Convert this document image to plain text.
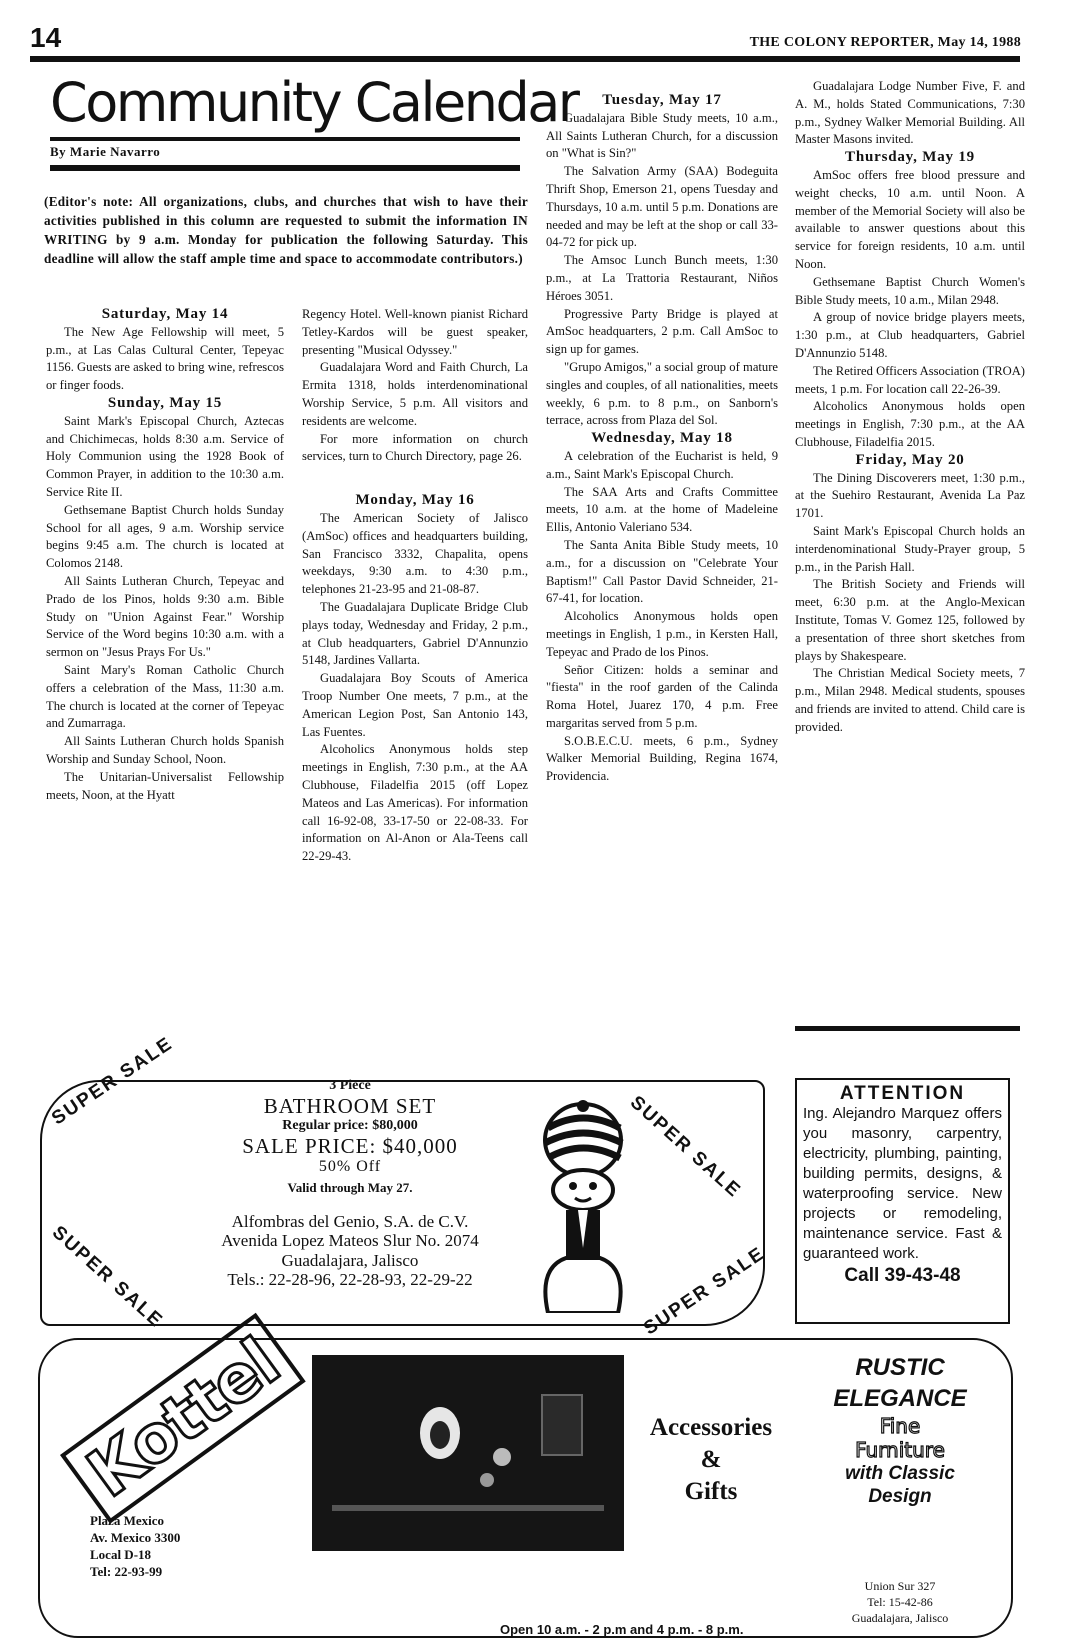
14	THE COLONY REPORTER, May 14, 1988
Community Calendar
By Marie Navarro
(Editor's note: All organizations, clubs, and churches that wish to have their activities published in this column are requested to submit the information IN WRITING by 9 a.m. Monday for publication the following Saturday. This deadline will allow the staff ample time and space to accommodate contributors.)

Saturday, May 14

The New Age Fellowship will meet, 5 p.m., at Las Calas Cultural Center, Tepeyac 1156. Guests are asked to bring wine, refrescos or finger foods.

Sunday, May 15

Saint Mark's Episcopal Church, Aztecas and Chichimecas, holds 8:30 a.m. Service of Holy Communion using the 1928 Book of Common Prayer, in addition to the 10:30 a.m. Service Rite II.

Gethsemane Baptist Church holds Sunday School for all ages, 9 a.m. Worship service begins 9:45 a.m. The church is located at Colomos 2148.

All Saints Lutheran Church, Tepeyac and Prado de los Pinos, holds 9:30 a.m. Bible Study on "Union Against Fear." Worship Service of the Word begins 10:30 a.m. with a sermon on "Jesus Prays For Us."

Saint Mary's Roman Catholic Church offers a celebration of the Mass, 11:30 a.m. The church is located at the corner of Tepeyac and Zumarraga.

All Saints Lutheran Church holds Spanish Worship and Sunday School, Noon.

The Unitarian-Universalist Fellowship meets, Noon, at the Hyatt

Regency Hotel. Well-known pianist Richard Tetley-Kardos will be guest speaker, presenting "Musical Odyssey."

Guadalajara Word and Faith Church, La Ermita 1318, holds interdenominational Worship Service, 5 p.m. All visitors and residents are welcome.

For more information on church services, turn to Church Directory, page 26.

Monday, May 16

The American Society of Jalisco (AmSoc) offices and headquarters building, San Francisco 3332, Chapalita, opens weekdays, 9:30 a.m. to 4:30 p.m., telephones 21-23-95 and 21-08-87.

The Guadalajara Duplicate Bridge Club plays today, Wednesday and Friday, 2 p.m., at Club headquarters, Gabriel D'Annunzio 5148, Jardines Vallarta.

Guadalajara Boy Scouts of America Troop Number One meets, 7 p.m., at the American Legion Post, San Antonio 143, Las Fuentes.

Alcoholics Anonymous holds step meetings in English, 7:30 p.m., at the AA Clubhouse, Filadelfia 2015 (off Lopez Mateos and Las Americas). For information call 16-92-08, 33-17-50 or 22-08-33. For information on Al-Anon or Ala-Teens call 22-29-43.

Tuesday, May 17

Guadalajara Bible Study meets, 10 a.m., All Saints Lutheran Church, for a discussion on "What is Sin?"

The Salvation Army (SAA) Bodeguita Thrift Shop, Emerson 21, opens Tuesday and Thursdays, 10 a.m. until 5 p.m. Donations are needed and may be left at the shop or call 33-04-72 for pick up.

The Amsoc Lunch Bunch meets, 1:30 p.m., at La Trattoria Restaurant, Niños Héroes 3051.

Progressive Party Bridge is played at AmSoc headquarters, 2 p.m. Call AmSoc to sign up for games.

"Grupo Amigos," a social group of mature singles and couples, of all nationalities, meets weekly, 6 p.m. to 8 p.m., on Sanborn's terrace, across from Plaza del Sol.

Wednesday, May 18

A celebration of the Eucharist is held, 9 a.m., Saint Mark's Episcopal Church.

The SAA Arts and Crafts Committee meets, 10 a.m. at the home of Madeleine Ellis, Antonio Valeriano 534.

The Santa Anita Bible Study meets, 10 a.m., for a discussion on "Celebrate Your Baptism!" Call Pastor David Schneider, 21-67-41, for location.

Alcoholics Anonymous holds open meetings in English, 1 p.m., in Kersten Hall, Tepeyac and Prado de los Pinos.

Señor Citizen: holds a seminar and "fiesta" in the roof garden of the Calinda Roma Hotel, Juarez 170, 4 p.m. Free margaritas served from 5 p.m.

S.O.B.E.C.U. meets, 6 p.m., Sydney Walker Memorial Building, Regina 1674, Providencia.

Guadalajara Lodge Number Five, F. and A. M., holds Stated Communications, 7:30 p.m., Sydney Walker Memorial Building. All Master Masons invited.

Thursday, May 19

AmSoc offers free blood pressure and weight checks, 10 a.m. until Noon. A member of the Memorial Society will also be available to answer questions about this service for foreign residents, 10 a.m. until Noon.

Gethsemane Baptist Church Women's Bible Study meets, 10 a.m., Milan 2948.

A group of novice bridge players meets, 1:30 p.m., at Club headquarters, Gabriel D'Annunzio 5148.

The Retired Officers Association (TROA) meets, 1 p.m. For location call 22-26-39.

Alcoholics Anonymous holds open meetings in English, 7:30 p.m., at the AA Clubhouse, Filadelfia 2015.

Friday, May 20

The Dining Discoverers meet, 1:30 p.m., at the Suehiro Restaurant, Avenida La Paz 1701.

Saint Mark's Episcopal Church holds an interdenominational Study-Prayer group, 5 p.m., in the Parish Hall.

The British Society and Friends will meet, 6:30 p.m. at the Anglo-Mexican Institute, Tomas V. Gomez 125, followed by a presentation of three short sketches from plays by Shakespeare.

The Christian Medical Society meets, 7 p.m., Milan 2948. Medical students, spouses and friends are invited to attend. Child care is provided.

SUPER SALE
SUPER SALE
SUPER SALE
SUPER SALE
3 Piece
BATHROOM SET
Regular price: $80,000
SALE PRICE: $40,000
50% Off
Valid through May 27.
Alfombras del Genio, S.A. de C.V.
Avenida Lopez Mateos Slur No. 2074
Guadalajara, Jalisco
Tels.: 22-28-96, 22-28-93, 22-29-22
ATTENTION
Ing. Alejandro Marquez offers you masonry, carpentry, electricity, plumbing, painting, building permits, designs, & waterproofing service. New projects or remodeling, maintenance service. Fast & guaranteed work.
Call 39-43-48
Kottel
Plaza Mexico
Av. Mexico 3300
Local D-18
Tel: 22-93-99
Accessories
&
Gifts
Open 10 a.m. - 2 p.m and 4 p.m. - 8 p.m.
RUSTIC
ELEGANCE
Fine
Furniture
with Classic
Design
Union Sur 327
Tel: 15-42-86
Guadalajara, Jalisco
